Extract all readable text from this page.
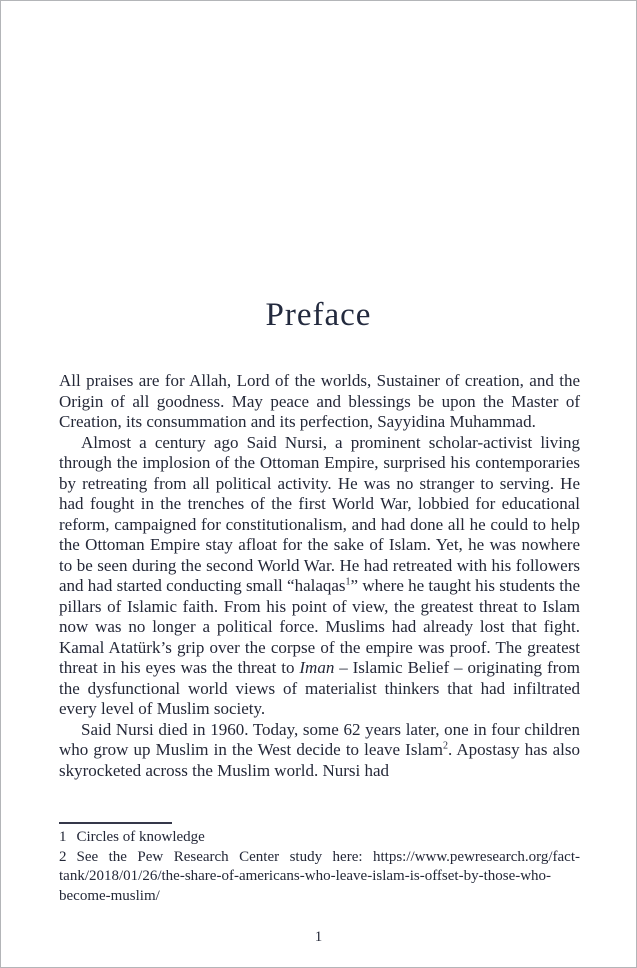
Preface

All praises are for Allah, Lord of the worlds, Sustainer of creation, and the Origin of all goodness. May peace and blessings be upon the Master of Creation, its consummation and its perfection, Sayyidina Muhammad.

Almost a century ago Said Nursi, a prominent scholar-activist living through the implosion of the Ottoman Empire, surprised his contemporaries by retreating from all political activity. He was no stranger to serving. He had fought in the trenches of the first World War, lobbied for educational reform, campaigned for constitutionalism, and had done all he could to help the Ottoman Empire stay afloat for the sake of Islam. Yet, he was nowhere to be seen during the second World War. He had retreated with his followers and had started conducting small “halaqas$^1$” where he taught his students the pillars of Islamic faith. From his point of view, the greatest threat to Islam now was no longer a political force. Muslims had already lost that fight. Kamal Atatürk’s grip over the corpse of the empire was proof. The greatest threat in his eyes was the threat to Iman – Islamic Belief – originating from the dysfunctional world views of materialist thinkers that had infiltrated every level of Muslim society.

Said Nursi died in 1960. Today, some 62 years later, one in four children who grow up Muslim in the West decide to leave Islam$^2$. Apostasy has also skyrocketed across the Muslim world. Nursi had

1 Circles of knowledge

2 See the Pew Research Center study here: https://www.pewresearch.org/fact-tank/2018/01/26/the-share-of-americans-who-leave-islam-is-offset-by-those-who-become-muslim/

1
